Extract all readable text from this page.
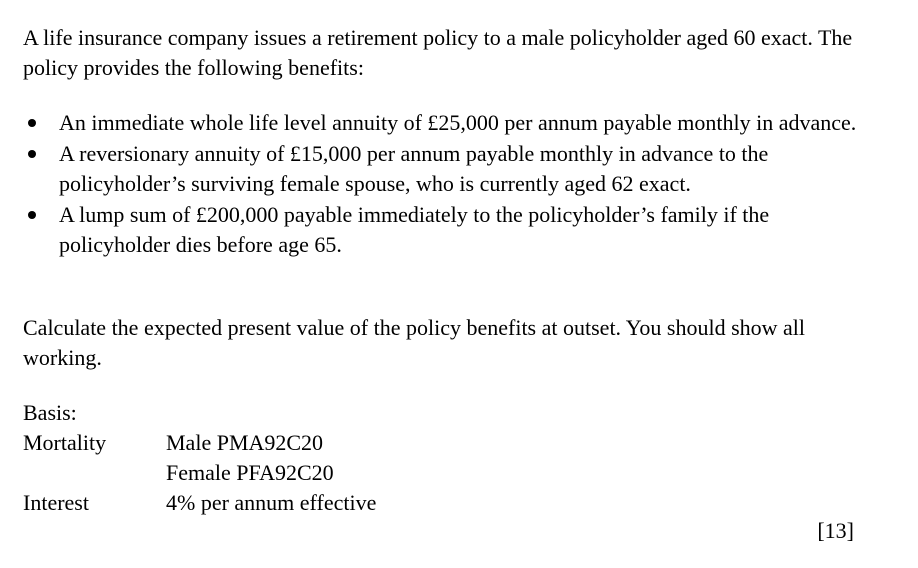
A life insurance company issues a retirement policy to a male policyholder aged 60 exact. The policy provides the following benefits:

An immediate whole life level annuity of £25,000 per annum payable monthly in advance.
A reversionary annuity of £15,000 per annum payable monthly in advance to the policyholder’s surviving female spouse, who is currently aged 62 exact.
A lump sum of £200,000 payable immediately to the policyholder’s family if the policyholder dies before age 65.

Calculate the expected present value of the policy benefits at outset. You should show all working.

Basis:
Mortality	Male PMA92C20
Female PFA92C20
Interest	4% per annum effective
[13]
